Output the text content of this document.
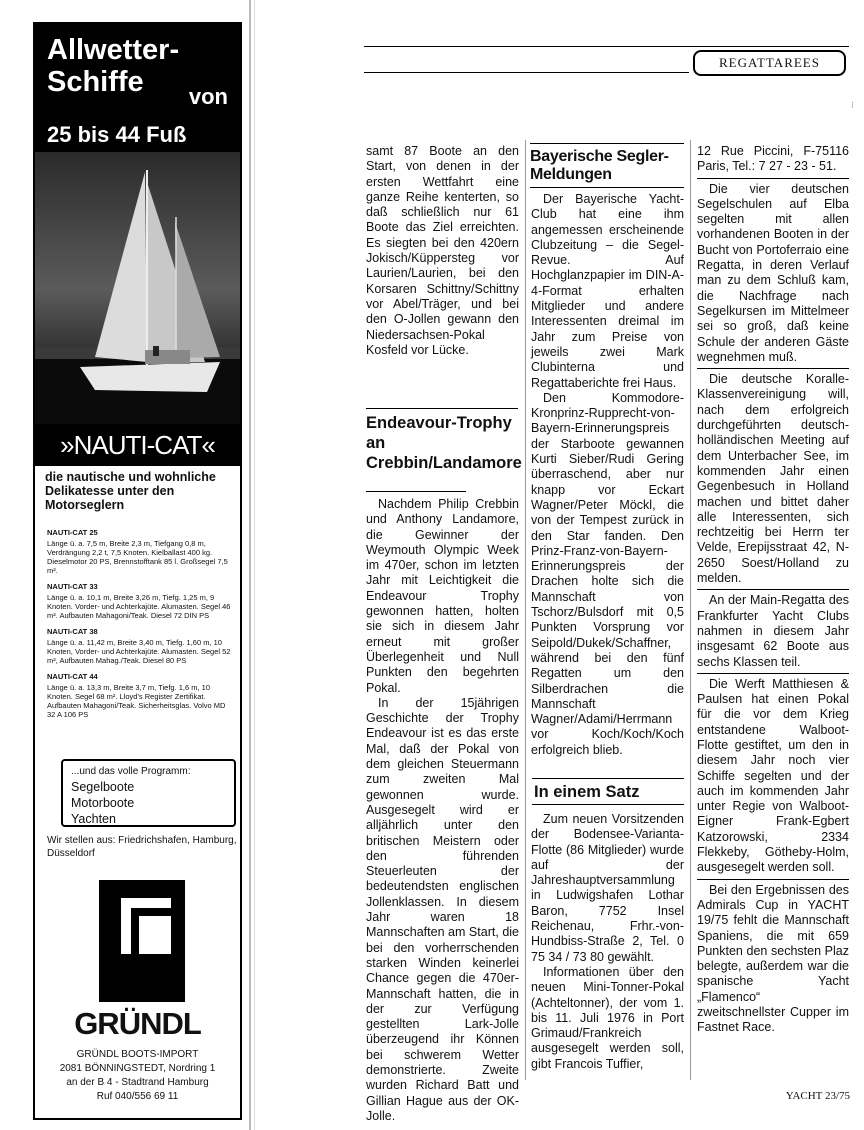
Allwetter-
Schiffe	von
25 bis 44 Fuß
»NAUTI-CAT«
die nautische und wohnliche Delikatesse unter den Motorseglern
NAUTI-CAT 25
Länge ü. a. 7,5 m, Breite 2,3 m, Tiefgang 0,8 m, Verdrängung 2,2 t, 7,5 Knoten. Kielballast 400 kg. Dieselmotor 20 PS, Brennstofftank 85 l. Großsegel 7,5 m².
NAUTI-CAT 33
Länge ü. a. 10,1 m, Breite 3,26 m, Tiefg. 1,25 m, 9 Knoten. Vorder- und Achterkajüte. Alumasten. Segel 46 m². Aufbauten Mahagoni/Teak. Diesel 72 DIN PS
NAUTI-CAT 38
Länge ü. a. 11,42 m, Breite 3,40 m, Tiefg. 1,60 m, 10 Knoten, Vorder- und Achterkajüte. Alumasten. Segel 52 m², Aufbauten Mahag./Teak. Diesel 80 PS
NAUTI-CAT 44
Länge ü. a. 13,3 m, Breite 3,7 m, Tiefg. 1,6 m, 10 Knoten. Segel 68 m². Lloyd's Register Zertifikat. Aufbauten Mahagoni/Teak. Sicherheitsglas. Volvo MD 32 A 106 PS
...und das volle Programm:
Segelboote
Motorboote
Yachten
Wir stellen aus: Friedrichshafen, Hamburg, Düsseldorf
GRÜNDL
GRÜNDL BOOTS-IMPORT
2081 BÖNNINGSTEDT, Nordring 1
an der B 4 - Stadtrand Hamburg
Ruf 040/556 69 11
REGATTAREES
⁝

samt 87 Boote an den Start, von denen in der ersten Wettfahrt eine ganze Reihe kenterten, so daß schließlich nur 61 Boote das Ziel erreichten. Es siegten bei den 420ern Jokisch/Küppersteg vor Laurien/Laurien, bei den Korsaren Schittny/Schittny vor Abel/Träger, und bei den O-Jollen gewann den Niedersachsen-Pokal Kosfeld vor Lücke.

Endeavour-Trophy an Crebbin/Landamore

Nachdem Philip Crebbin und Anthony Landamore, die Gewinner der Weymouth Olympic Week im 470er, schon im letzten Jahr mit Leichtigkeit die Endeavour Trophy gewonnen hatten, holten sie sich in diesem Jahr erneut mit großer Überlegenheit und Null Punkten den begehrten Pokal.

In der 15jährigen Geschichte der Trophy Endeavour ist es das erste Mal, daß der Pokal von dem gleichen Steuermann zum zweiten Mal gewonnen wurde. Ausgesegelt wird er alljährlich unter den britischen Meistern oder den führenden Steuerleuten der bedeutendsten englischen Jollenklassen. In diesem Jahr waren 18 Mannschaften am Start, die bei den vorherrschenden starken Winden keinerlei Chance gegen die 470er-Mannschaft hatten, die in der zur Verfügung gestellten Lark-Jolle überzeugend ihr Können bei schwerem Wetter demonstrierte. Zweite wurden Richard Batt und Gillian Hague aus der OK-Jolle.

Bayerische Segler-Meldungen

Der Bayerische Yacht-Club hat eine ihm angemessen erscheinende Clubzeitung – die Segel-Revue. Auf Hochglanzpapier im DIN-A-4-Format erhalten Mitglieder und andere Interessenten dreimal im Jahr zum Preise von jeweils zwei Mark Clubinterna und Regattaberichte frei Haus.

Den Kommodore-Kronprinz-Rupprecht-von-Bayern-Erinnerungspreis der Starboote gewannen Kurti Sieber/Rudi Gering überraschend, aber nur knapp vor Eckart Wagner/Peter Möckl, die von der Tempest zurück in den Star fanden. Den Prinz-Franz-von-Bayern-Erinnerungspreis der Drachen holte sich die Mannschaft von Tschorz/Bulsdorf mit 0,5 Punkten Vorsprung vor Seipold/Dukek/Schaffner, während bei den fünf Regatten um den Silberdrachen die Mannschaft Wagner/Adami/Herrmann vor Koch/Koch/Koch erfolgreich blieb.

In einem Satz

Zum neuen Vorsitzenden der Bodensee-Varianta-Flotte (86 Mitglieder) wurde auf der Jahreshauptversammlung in Ludwigshafen Lothar Baron, 7752 Insel Reichenau, Frhr.-von-Hundbiss-Straße 2, Tel. 0 75 34 / 73 80 gewählt.

Informationen über den neuen Mini-Tonner-Pokal (Achteltonner), der vom 1. bis 11. Juli 1976 in Port Grimaud/Frankreich ausgesegelt werden soll, gibt Francois Tuffier,

12 Rue Piccini, F-75116 Paris, Tel.: 7 27 - 23 - 51.

Die vier deutschen Segelschulen auf Elba segelten mit allen vorhandenen Booten in der Bucht von Portoferraio eine Regatta, in deren Verlauf man zu dem Schluß kam, die Nachfrage nach Segelkursen im Mittelmeer sei so groß, daß keine Schule der anderen Gäste wegnehmen muß.

Die deutsche Koralle-Klassenvereinigung will, nach dem erfolgreich durchgeführten deutsch-holländischen Meeting auf dem Unterbacher See, im kommenden Jahr einen Gegenbesuch in Holland machen und bittet daher alle Interessenten, sich rechtzeitig bei Herrn ter Velde, Erepijsstraat 42, N-2650 Soest/Holland zu melden.

An der Main-Regatta des Frankfurter Yacht Clubs nahmen in diesem Jahr insgesamt 62 Boote aus sechs Klassen teil.

Die Werft Matthiesen & Paulsen hat einen Pokal für die vor dem Krieg entstandene Walboot-Flotte gestiftet, um den in diesem Jahr noch vier Schiffe segelten und der auch im kommenden Jahr unter Regie von Walboot-Eigner Frank-Egbert Katzorowski, 2334 Flekkeby, Götheby-Holm, ausgesegelt werden soll.

Bei den Ergebnissen des Admirals Cup in YACHT 19/75 fehlt die Mannschaft Spaniens, die mit 659 Punkten den sechsten Plaz belegte, außerdem war die spanische Yacht „Flamenco“ zweitschnellster Cupper im Fastnet Race.

YACHT 23/75
